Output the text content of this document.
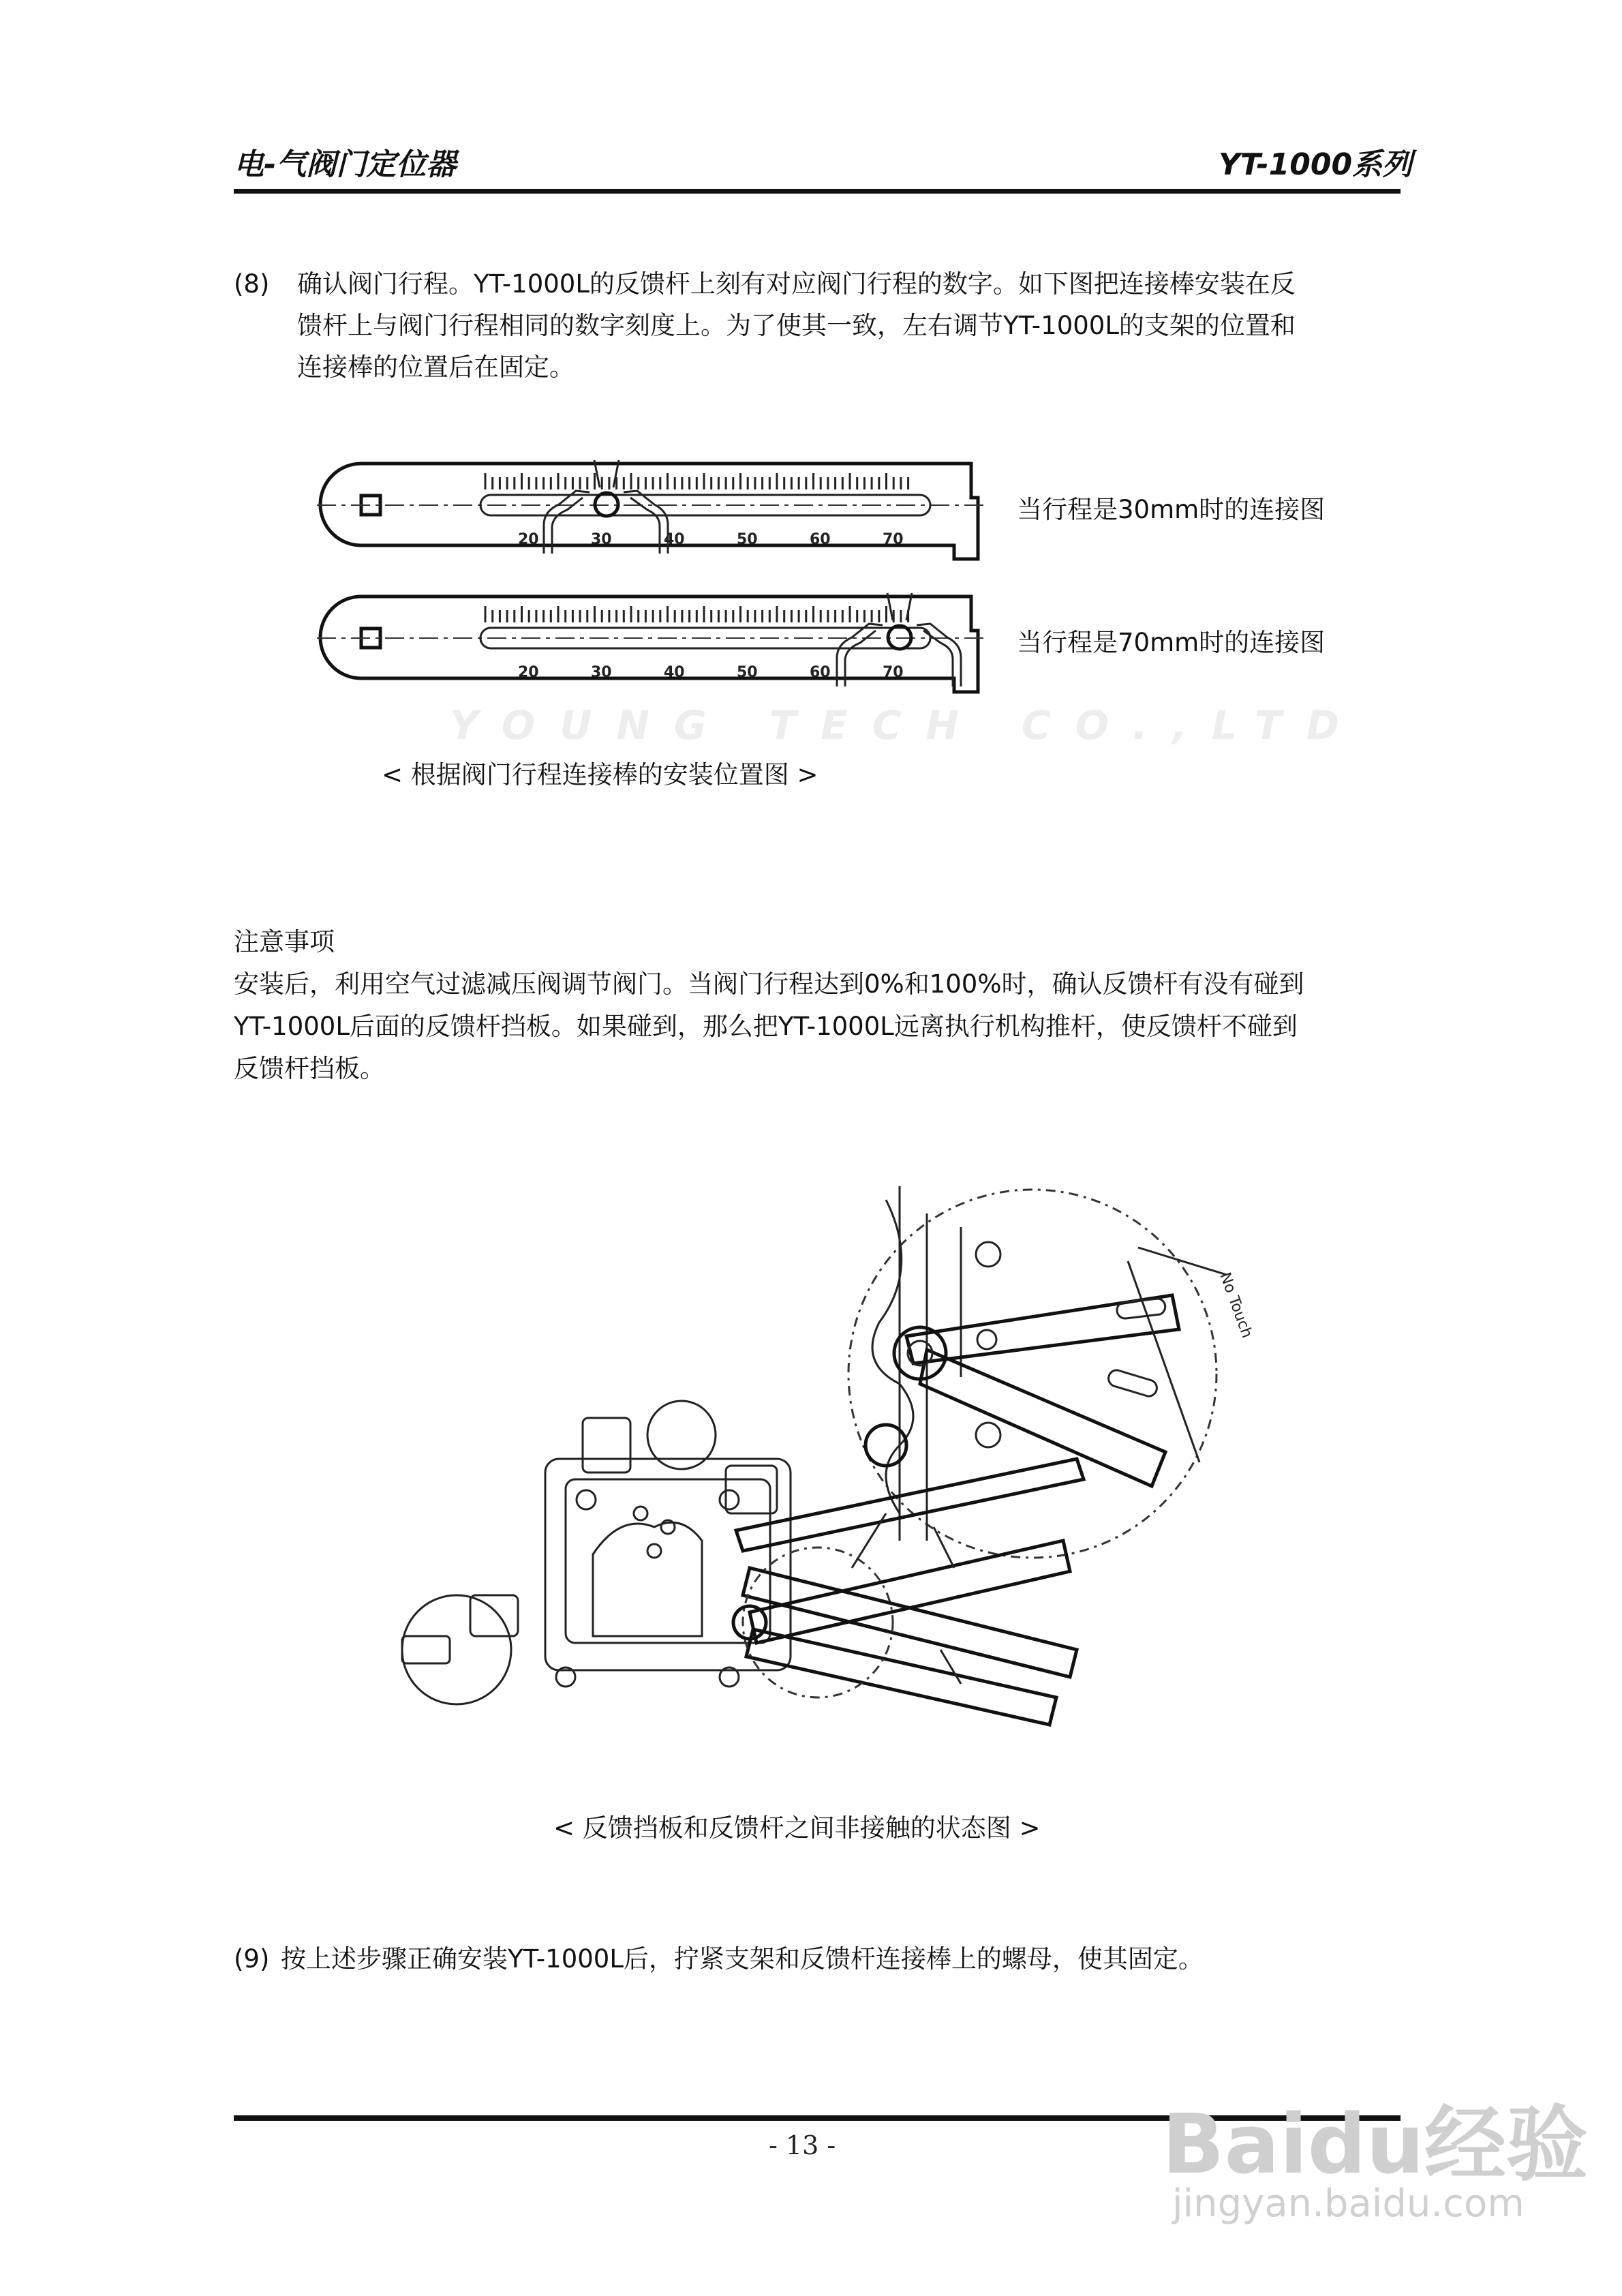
电-气阀门定位器	YT-1000系列
(8) 确认阀门行程。YT-1000L的反馈杆上刻有对应阀门行程的数字。如下图把连接棒安装在反
馈杆上与阀门行程相同的数字刻度上。为了使其一致，左右调节YT-1000L的支架的位置和
连接棒的位置后在固定。
20	30	40	50	60	70
20	30	40	50	60	70
当行程是30mm时的连接图
当行程是70mm时的连接图
YOUNG TECH CO.,LTD
< 根据阀门行程连接棒的安装位置图 >
注意事项
安装后，利用空气过滤减压阀调节阀门。当阀门行程达到0%和100%时，确认反馈杆有没有碰到
YT-1000L后面的反馈杆挡板。如果碰到，那么把YT-1000L远离执行机构推杆，使反馈杆不碰到
反馈杆挡板。
No Touch
< 反馈挡板和反馈杆之间非接触的状态图 >
(9) 按上述步骤正确安装YT-1000L后，拧紧支架和反馈杆连接棒上的螺母，使其固定。
- 13 -	Baidu经验
jingyan.baidu.com
